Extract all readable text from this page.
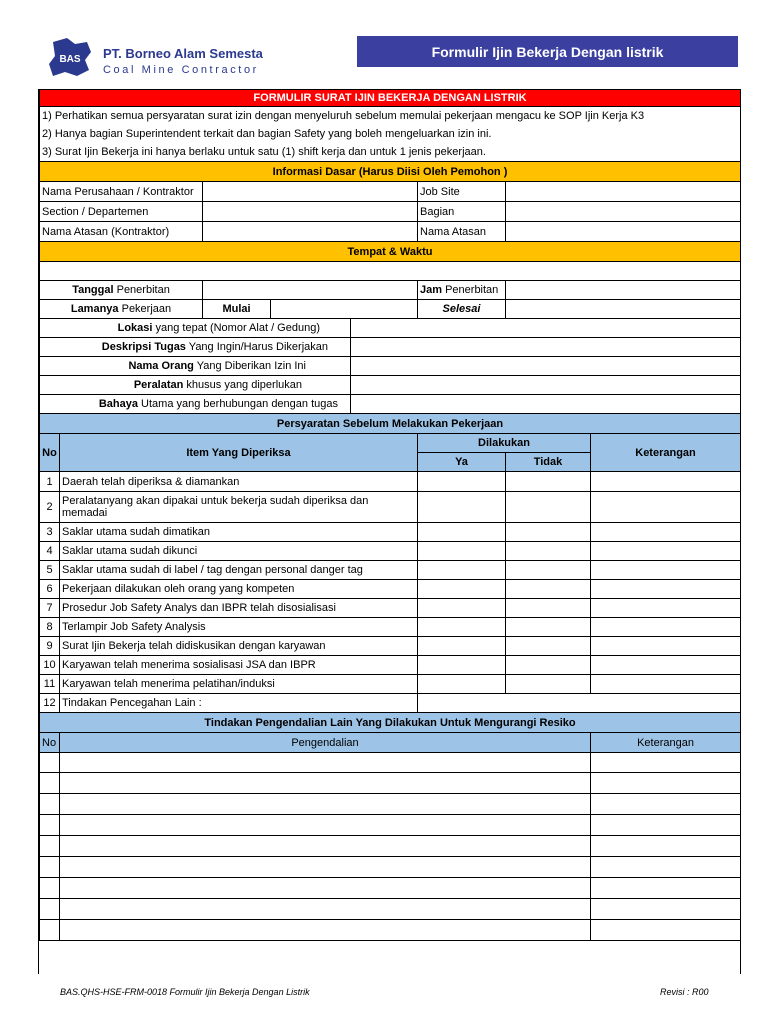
BAS PT. Borneo Alam Semesta
Coal Mine Contractor
Formulir Ijin Bekerja Dengan listrik
FORMULIR SURAT IJIN BEKERJA DENGAN LISTRIK							
1) Perhatikan semua persyaratan surat izin dengan menyeluruh sebelum memulai pekerjaan mengacu ke SOP Ijin Kerja K3							
2) Hanya bagian Superintendent terkait dan bagian Safety yang boleh mengeluarkan izin ini.							
3) Surat Ijin Bekerja ini hanya berlaku untuk satu (1) shift kerja dan untuk 1 jenis pekerjaan.							
Informasi Dasar (Harus Diisi Oleh Pemohon )							
Nama Perusahaan / Kontraktor					Job Site		
Section / Departemen					Bagian		
Nama Atasan (Kontraktor)					Nama Atasan		
Tempat & Waktu							

Tanggal Penerbitan					Jam Penerbitan		
Lamanya Pekerjaan		Mulai			Selesai		
Lokasi yang tepat (Nomor Alat / Gedung)							
Deskripsi Tugas Yang Ingin/Harus Dikerjakan							
Nama Orang Yang Diberikan Izin Ini							
Peralatan khusus yang diperlukan							
Bahaya Utama yang berhubungan dengan tugas							
Persyaratan Sebelum Melakukan Pekerjaan							
No	Item Yang Diperiksa				Dilakukan		Keterangan
					Ya	Tidak	
1	Daerah telah diperiksa & diamankan						
2	Peralatanyang akan dipakai untuk bekerja sudah diperiksa dan memadai						
3	Saklar utama sudah dimatikan						
4	Saklar utama sudah dikunci						
5	Saklar utama sudah di label / tag dengan personal danger tag						
6	Pekerjaan dilakukan oleh orang yang kompeten						
7	Prosedur Job Safety Analys dan IBPR telah disosialisasi						
8	Terlampir Job Safety Analysis						
9	Surat Ijin Bekerja telah didiskusikan dengan karyawan						
10	Karyawan telah menerima sosialisasi JSA dan IBPR						
11	Karyawan telah menerima pelatihan/induksi						
12	Tindakan Pencegahan Lain :						
Tindakan Pengendalian Lain Yang Dilakukan Untuk Mengurangi Resiko							
No	Pengendalian						Keterangan

BAS.QHS-HSE-FRM-0018 Formulir Ijin Bekerja Dengan Listrik	Revisi : R00
